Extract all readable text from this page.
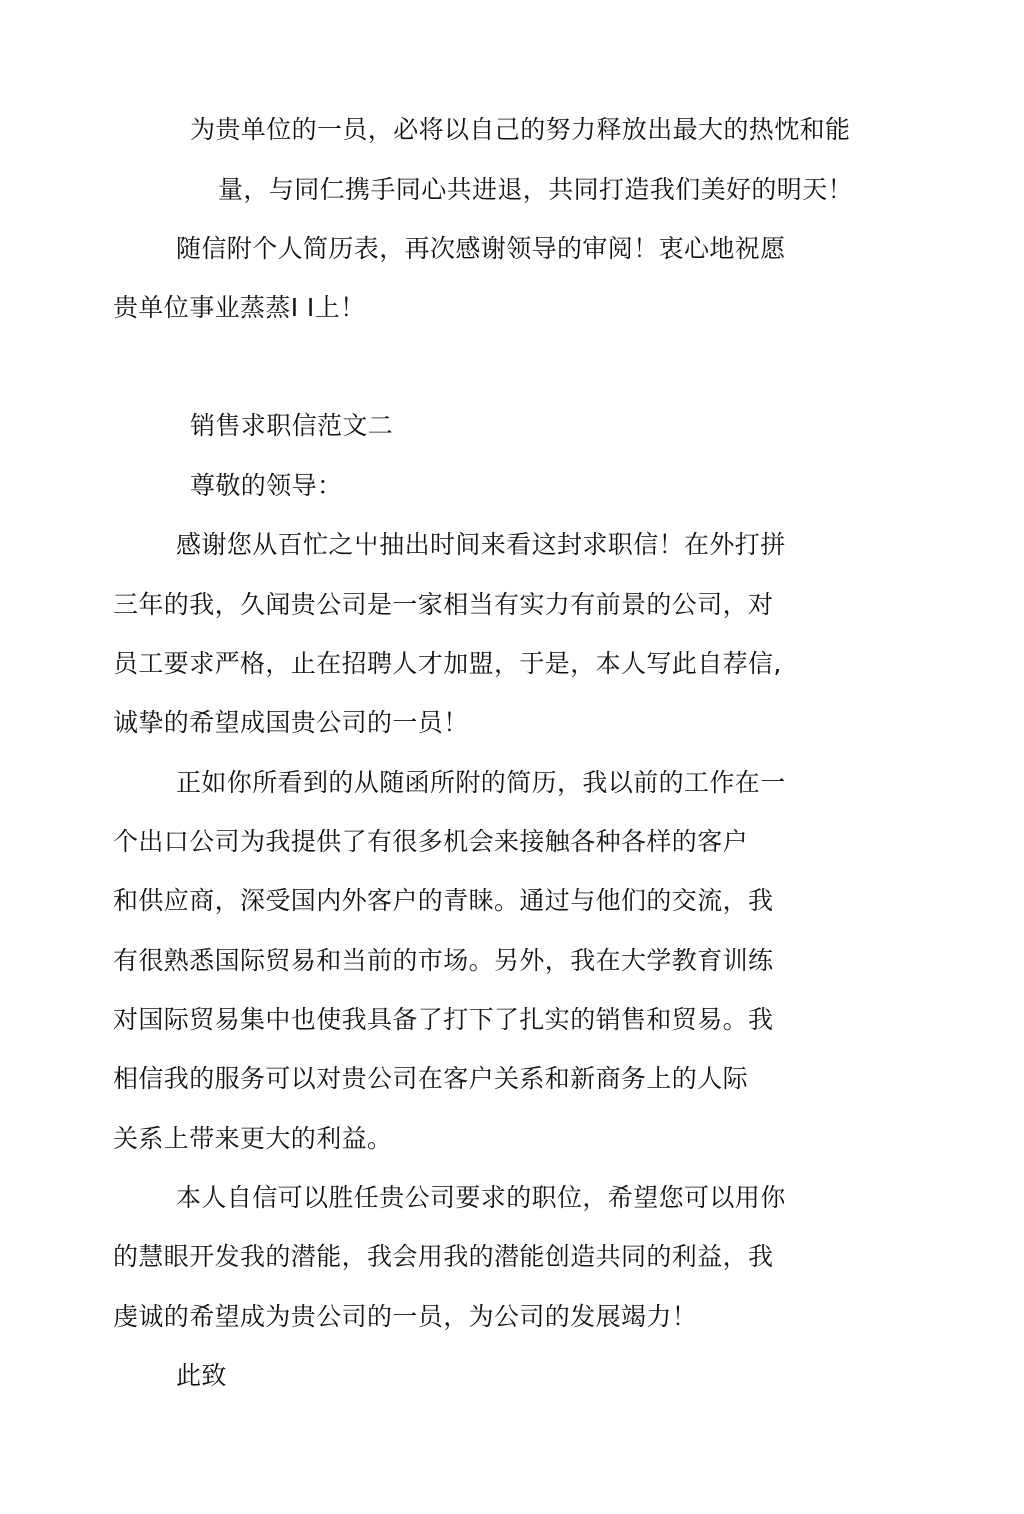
为贵单位的一员，必将以自己的努力释放出最大的热忱和能
量，与同仁携手同心共进退，共同打造我们美好的明天！
随信附个人简历表，再次感谢领导的审阅！衷心地祝愿
贵单位事业蒸蒸I I上！
销售求职信范文二
尊敬的领导：
感谢您从百忙之屮抽出时间来看这封求职信！在外打拼
三年的我，久闻贵公司是一家相当有实力有前景的公司，对
员工要求严格，止在招聘人才加盟，于是，本人写此自荐信,
诚挚的希望成国贵公司的一员！
正如你所看到的从随函所附的简历，我以前的工作在一
个出口公司为我提供了有很多机会来接触各种各样的客户
和供应商，深受国内外客户的青睐。通过与他们的交流，我
有很熟悉国际贸易和当前的市场。另外，我在大学教育训练
对国际贸易集中也使我具备了打下了扎实的销售和贸易。我
相信我的服务可以对贵公司在客户关系和新商务上的人际
关系上带来更大的利益。
本人自信可以胜任贵公司要求的职位，希望您可以用你
的慧眼开发我的潜能，我会用我的潜能创造共同的利益，我
虔诚的希望成为贵公司的一员，为公司的发展竭力！
此致
